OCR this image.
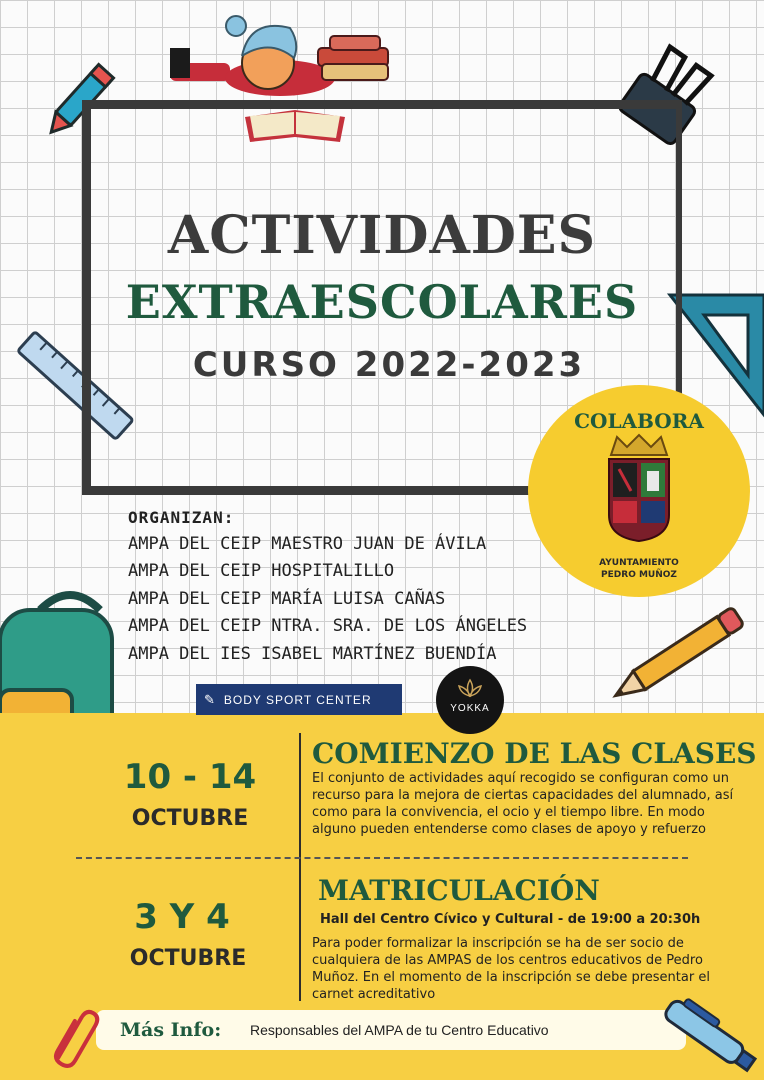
ACTIVIDADES
EXTRAESCOLARES
CURSO 2022-2023
COLABORA
AYUNTAMIENTO
PEDRO MUÑOZ
ORGANIZAN:
AMPA DEL CEIP MAESTRO JUAN DE ÁVILA
AMPA DEL CEIP HOSPITALILLO
AMPA DEL CEIP MARÍA LUISA CAÑAS
AMPA DEL CEIP NTRA. SRA. DE LOS ÁNGELES
AMPA DEL IES ISABEL MARTÍNEZ BUENDÍA
✎ BODY SPORT CENTER
YOKKA
10 - 14
OCTUBRE
COMIENZO DE LAS CLASES
El conjunto de actividades aquí recogido se configuran como un recurso para la mejora de ciertas capacidades del alumnado, así como para la convivencia, el ocio y el tiempo libre. En modo alguno pueden entenderse como clases de apoyo y refuerzo
3 Y 4
OCTUBRE
MATRICULACIÓN
Hall del Centro Cívico y Cultural - de 19:00 a 20:30h
Para poder formalizar la inscripción se ha de ser socio de cualquiera de las AMPAS de los centros educativos de Pedro Muñoz. En el momento de la inscripción se debe presentar el carnet acreditativo
Más Info:	Responsables del AMPA de tu Centro Educativo
